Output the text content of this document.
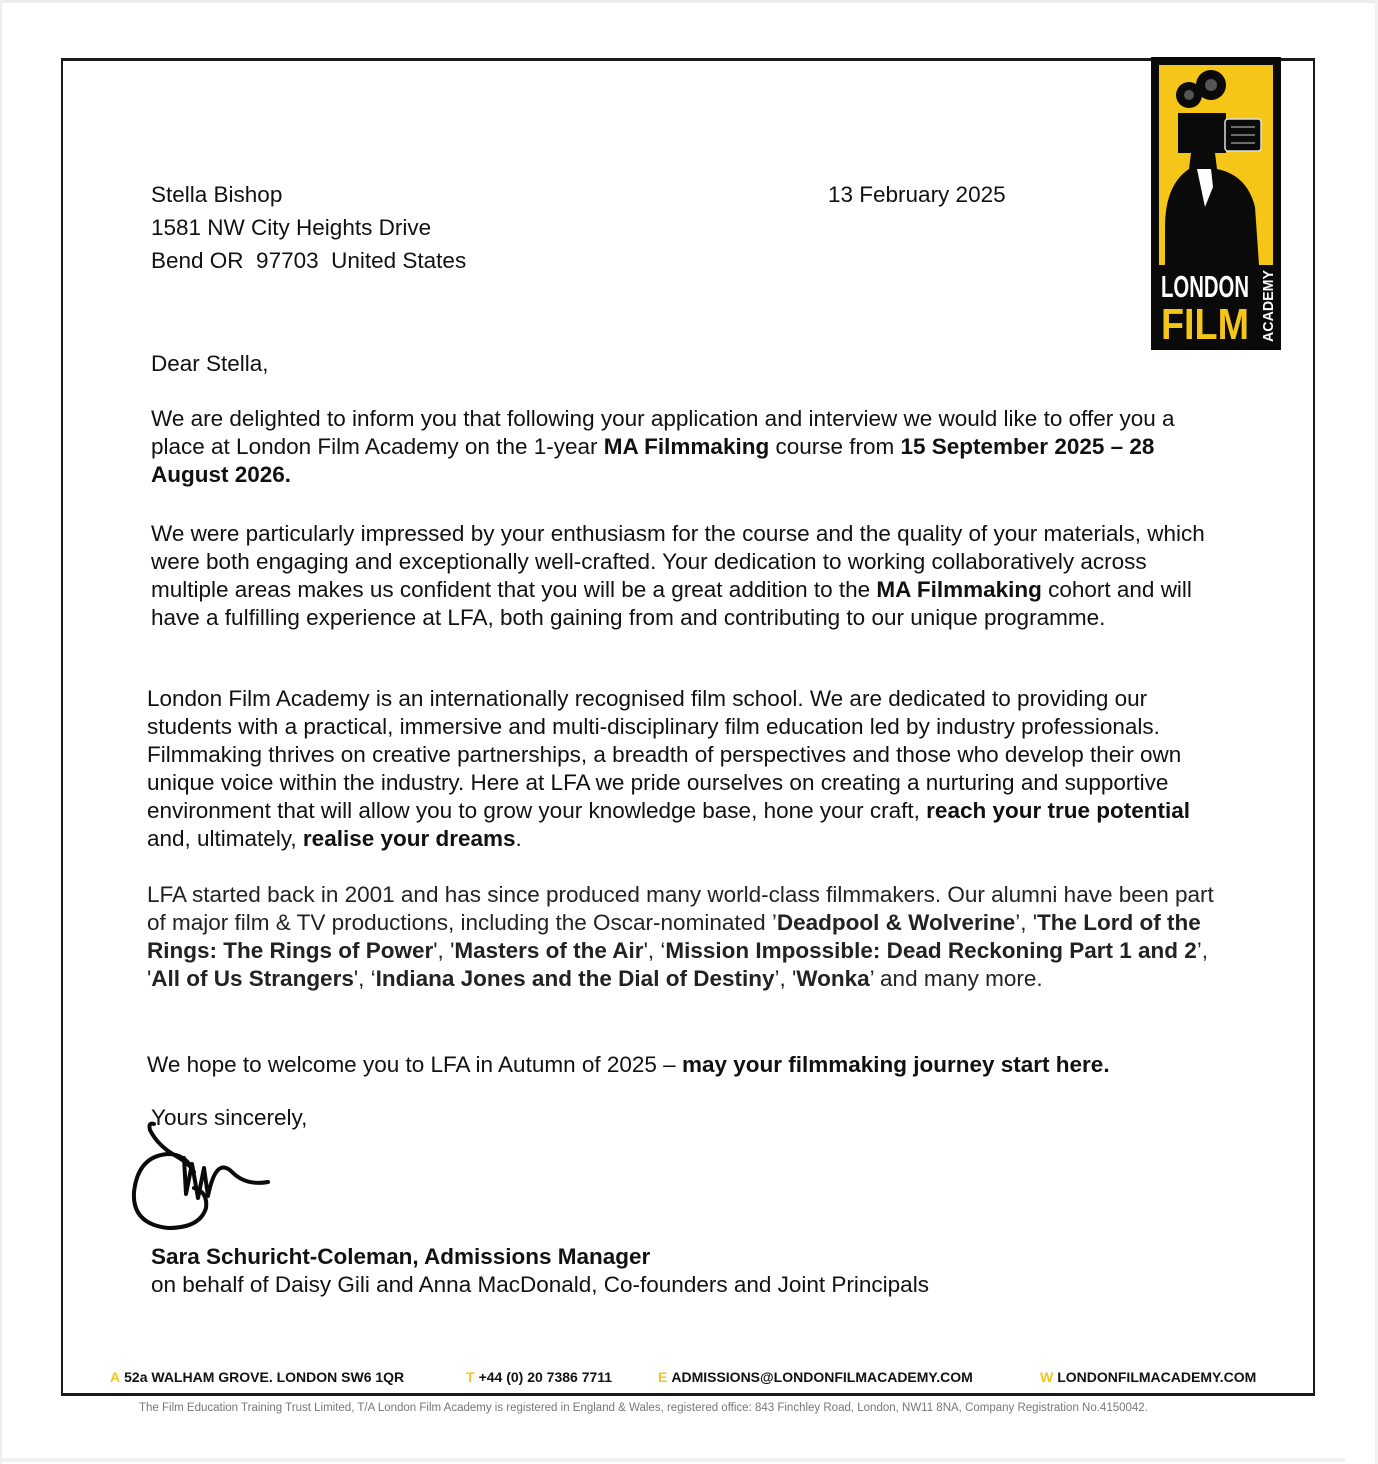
LONDON
FILM ACADEMY
Stella Bishop
1581 NW City Heights Drive
Bend OR  97703  United States
13 February 2025
Dear Stella,
We are delighted to inform you that following your application and interview we would like to offer you a place at London Film Academy on the 1-year MA Filmmaking course from 15 September 2025 – 28 August 2026.
We were particularly impressed by your enthusiasm for the course and the quality of your materials, which were both engaging and exceptionally well-crafted. Your dedication to working collaboratively across multiple areas makes us confident that you will be a great addition to the MA Filmmaking cohort and will have a fulfilling experience at LFA, both gaining from and contributing to our unique programme.
London Film Academy is an internationally recognised film school. We are dedicated to providing our students with a practical, immersive and multi-disciplinary film education led by industry professionals. Filmmaking thrives on creative partnerships, a breadth of perspectives and those who develop their own unique voice within the industry. Here at LFA we pride ourselves on creating a nurturing and supportive environment that will allow you to grow your knowledge base, hone your craft, reach your true potential and, ultimately, realise your dreams.
LFA started back in 2001 and has since produced many world-class filmmakers. Our alumni have been part of major film & TV productions, including the Oscar-nominated ’Deadpool & Wolverine’, 'The Lord of the Rings: The Rings of Power', 'Masters of the Air', ‘Mission Impossible: Dead Reckoning Part 1 and 2’, 'All of Us Strangers', ‘Indiana Jones and the Dial of Destiny’, 'Wonka’ and many more.
We hope to welcome you to LFA in Autumn of 2025 – may your filmmaking journey start here.
Yours sincerely,
Sara Schuricht-Coleman, Admissions Manager
on behalf of Daisy Gili and Anna MacDonald, Co-founders and Joint Principals
A 52a WALHAM GROVE. LONDON SW6 1QR	T +44 (0) 20 7386 7711	E ADMISSIONS@LONDONFILMACADEMY.COM	W LONDONFILMACADEMY.COM
The Film Education Training Trust Limited, T/A London Film Academy is registered in England & Wales, registered office: 843 Finchley Road, London, NW11 8NA, Company Registration No.4150042.
